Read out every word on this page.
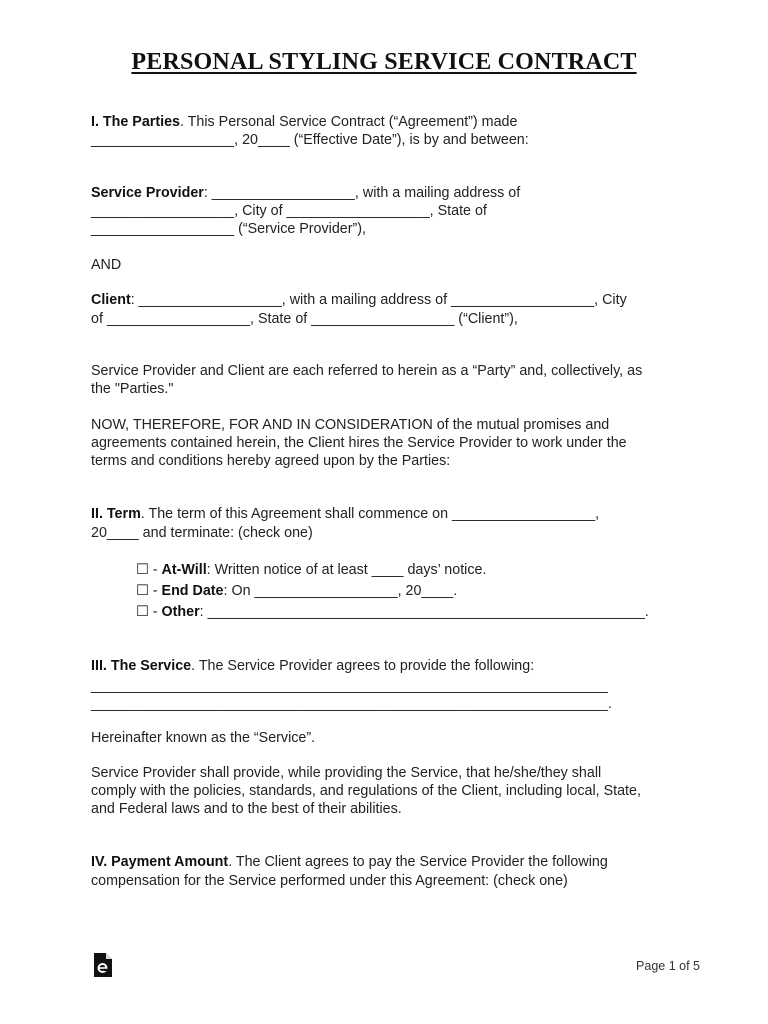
PERSONAL STYLING SERVICE CONTRACT
I. The Parties. This Personal Service Contract (“Agreement”) made
__________________, 20____ (“Effective Date”), is by and between:
Service Provider: __________________, with a mailing address of
__________________, City of __________________, State of
__________________ (“Service Provider”),
AND
Client: __________________, with a mailing address of __________________, City
of __________________, State of __________________ (“Client”),
Service Provider and Client are each referred to herein as a “Party” and, collectively, as
the "Parties."
NOW, THEREFORE, FOR AND IN CONSIDERATION of the mutual promises and
agreements contained herein, the Client hires the Service Provider to work under the
terms and conditions hereby agreed upon by the Parties:
II. Term. The term of this Agreement shall commence on __________________,
20____ and terminate: (check one)
☐ - At-Will: Written notice of at least ____ days’ notice.
☐ - End Date: On __________________, 20____.
☐ - Other: _______________________________________________________.
III. The Service. The Service Provider agrees to provide the following:
_________________________________________________________________
_________________________________________________________________.
Hereinafter known as the “Service”.
Service Provider shall provide, while providing the Service, that he/she/they shall
comply with the policies, standards, and regulations of the Client, including local, State,
and Federal laws and to the best of their abilities.
IV. Payment Amount. The Client agrees to pay the Service Provider the following
compensation for the Service performed under this Agreement: (check one)
Page 1 of 5
